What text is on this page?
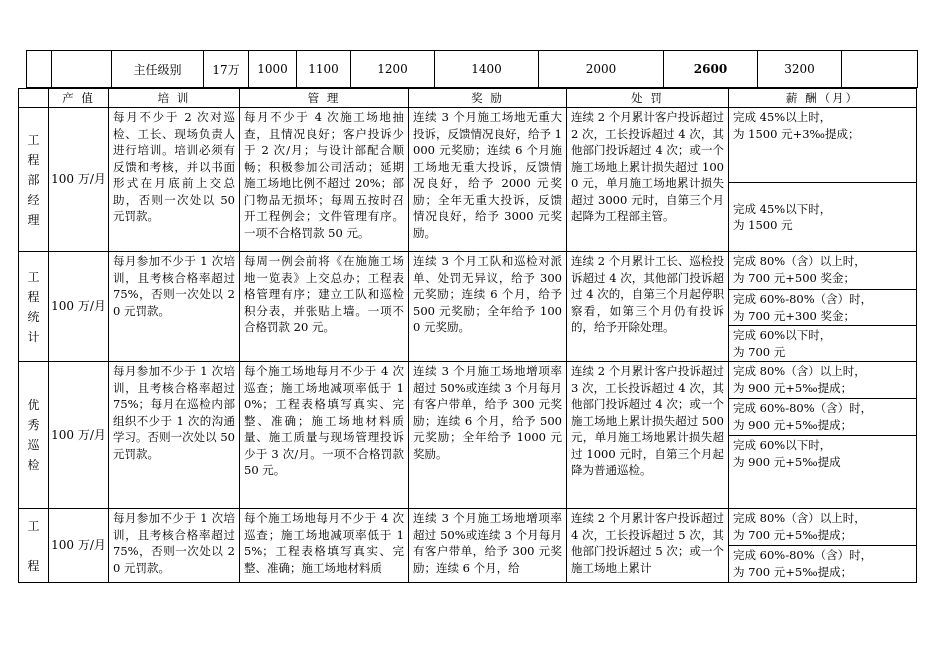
		主任级别	17万	1000	1100	1200	1400	2000	2600	3200	
	产 值	培 训	管 理	奖 励	处 罚	薪 酬（月）
工
程
部
经
理	100 万/月	每月不少于 2 次对巡检、工长、现场负责人进行培训。培训必须有反馈和考核，并以书面形式在月底前上交总助，否则一次处以 50 元罚款。	每月不少于 4 次施工场地抽查，且情况良好；客户投诉少于 2 次/月；与设计部配合顺畅；积极参加公司活动；延期施工场地比例不超过 20%；部门物品无损坏；每周五按时召开工程例会；文件管理有序。一项不合格罚款 50 元。	连续 3 个月施工场地无重大投诉，反馈情况良好，给予 1000 元奖励；连续 6 个月施工场地无重大投诉，反馈情况良好，给予 2000 元奖励；全年无重大投诉，反馈情况良好，给予 3000 元奖励。	连续 2 个月累计客户投诉超过 2 次，工长投诉超过 4 次，其他部门投诉超过 4 次；或一个施工场地上累计损失超过 1000 元，单月施工场地累计损失超过 3000 元时，自第三个月起降为工程部主管。	完成 45%以上时，
为 1500 元+3‰提成；

						完成 45%以下时，
为 1500 元

工
程
统
计	100 万/月	每月参加不少于 1 次培训，且考核合格率超过 75%，否则一次处以 20 元罚款。	每周一例会前将《在施施工场地一览表》上交总办；工程表格管理有序；建立工队和巡检积分表，并张贴上墙。一项不合格罚款 20 元。	连续 3 个月工队和巡检对派单、处罚无异议，给予 300 元奖励；连续 6 个月，给予 500 元奖励；全年给予 1000 元奖励。	连续 2 个月累计工长、巡检投诉超过 4 次，其他部门投诉超过 4 次的，自第三个月起停职察看，如第三个月仍有投诉的，给予开除处理。	完成 80%（含）以上时，
为 700 元+500 奖金；

						完成 60%-80%（含）时，
为 700 元+300 奖金；

						完成 60%以下时，
为 700 元

优
秀
巡
检	100 万/月	每月参加不少于 1 次培训，且考核合格率超过 75%；每月在巡检内部组织不少于 1 次的沟通学习。否则一次处以 50 元罚款。	每个施工场地每月不少于 4 次巡查；施工场地减项率低于 10%；工程表格填写真实、完整、准确；施工场地材料质量、施工质量与现场管理投诉少于 3 次/月。一项不合格罚款 50 元。	连续 3 个月施工场地增项率超过 50%或连续 3 个月每月有客户带单，给予 300 元奖励；连续 6 个月，给予 500 元奖励；全年给予 1000 元奖励。	连续 2 个月累计客户投诉超过 3 次，工长投诉超过 4 次，其他部门投诉超过 4 次；或一个施工场地上累计损失超过 500 元，单月施工场地累计损失超过 1000 元时，自第三个月起降为普通巡检。	完成 80%（含）以上时，
为 900 元+5‰提成；

						完成 60%-80%（含）时，
为 900 元+5‰提成；

						完成 60%以下时，
为 900 元+5‰提成

工

程	100 万/月	每月参加不少于 1 次培训，且考核合格率超过 75%，否则一次处以 20 元罚款。	每个施工场地每月不少于 4 次巡查；施工场地减项率低于 15%；工程表格填写真实、完整、准确；施工场地材料质	连续 3 个月施工场地增项率超过 50%或连续 3 个月每月有客户带单，给予 300 元奖励；连续 6 个月，给	连续 2 个月累计客户投诉超过 4 次，工长投诉超过 5 次，其他部门投诉超过 5 次；或一个施工场地上累计	完成 80%（含）以上时，
为 700 元+5‰提成；

						完成 60%-80%（含）时，
为 700 元+5‰提成；
